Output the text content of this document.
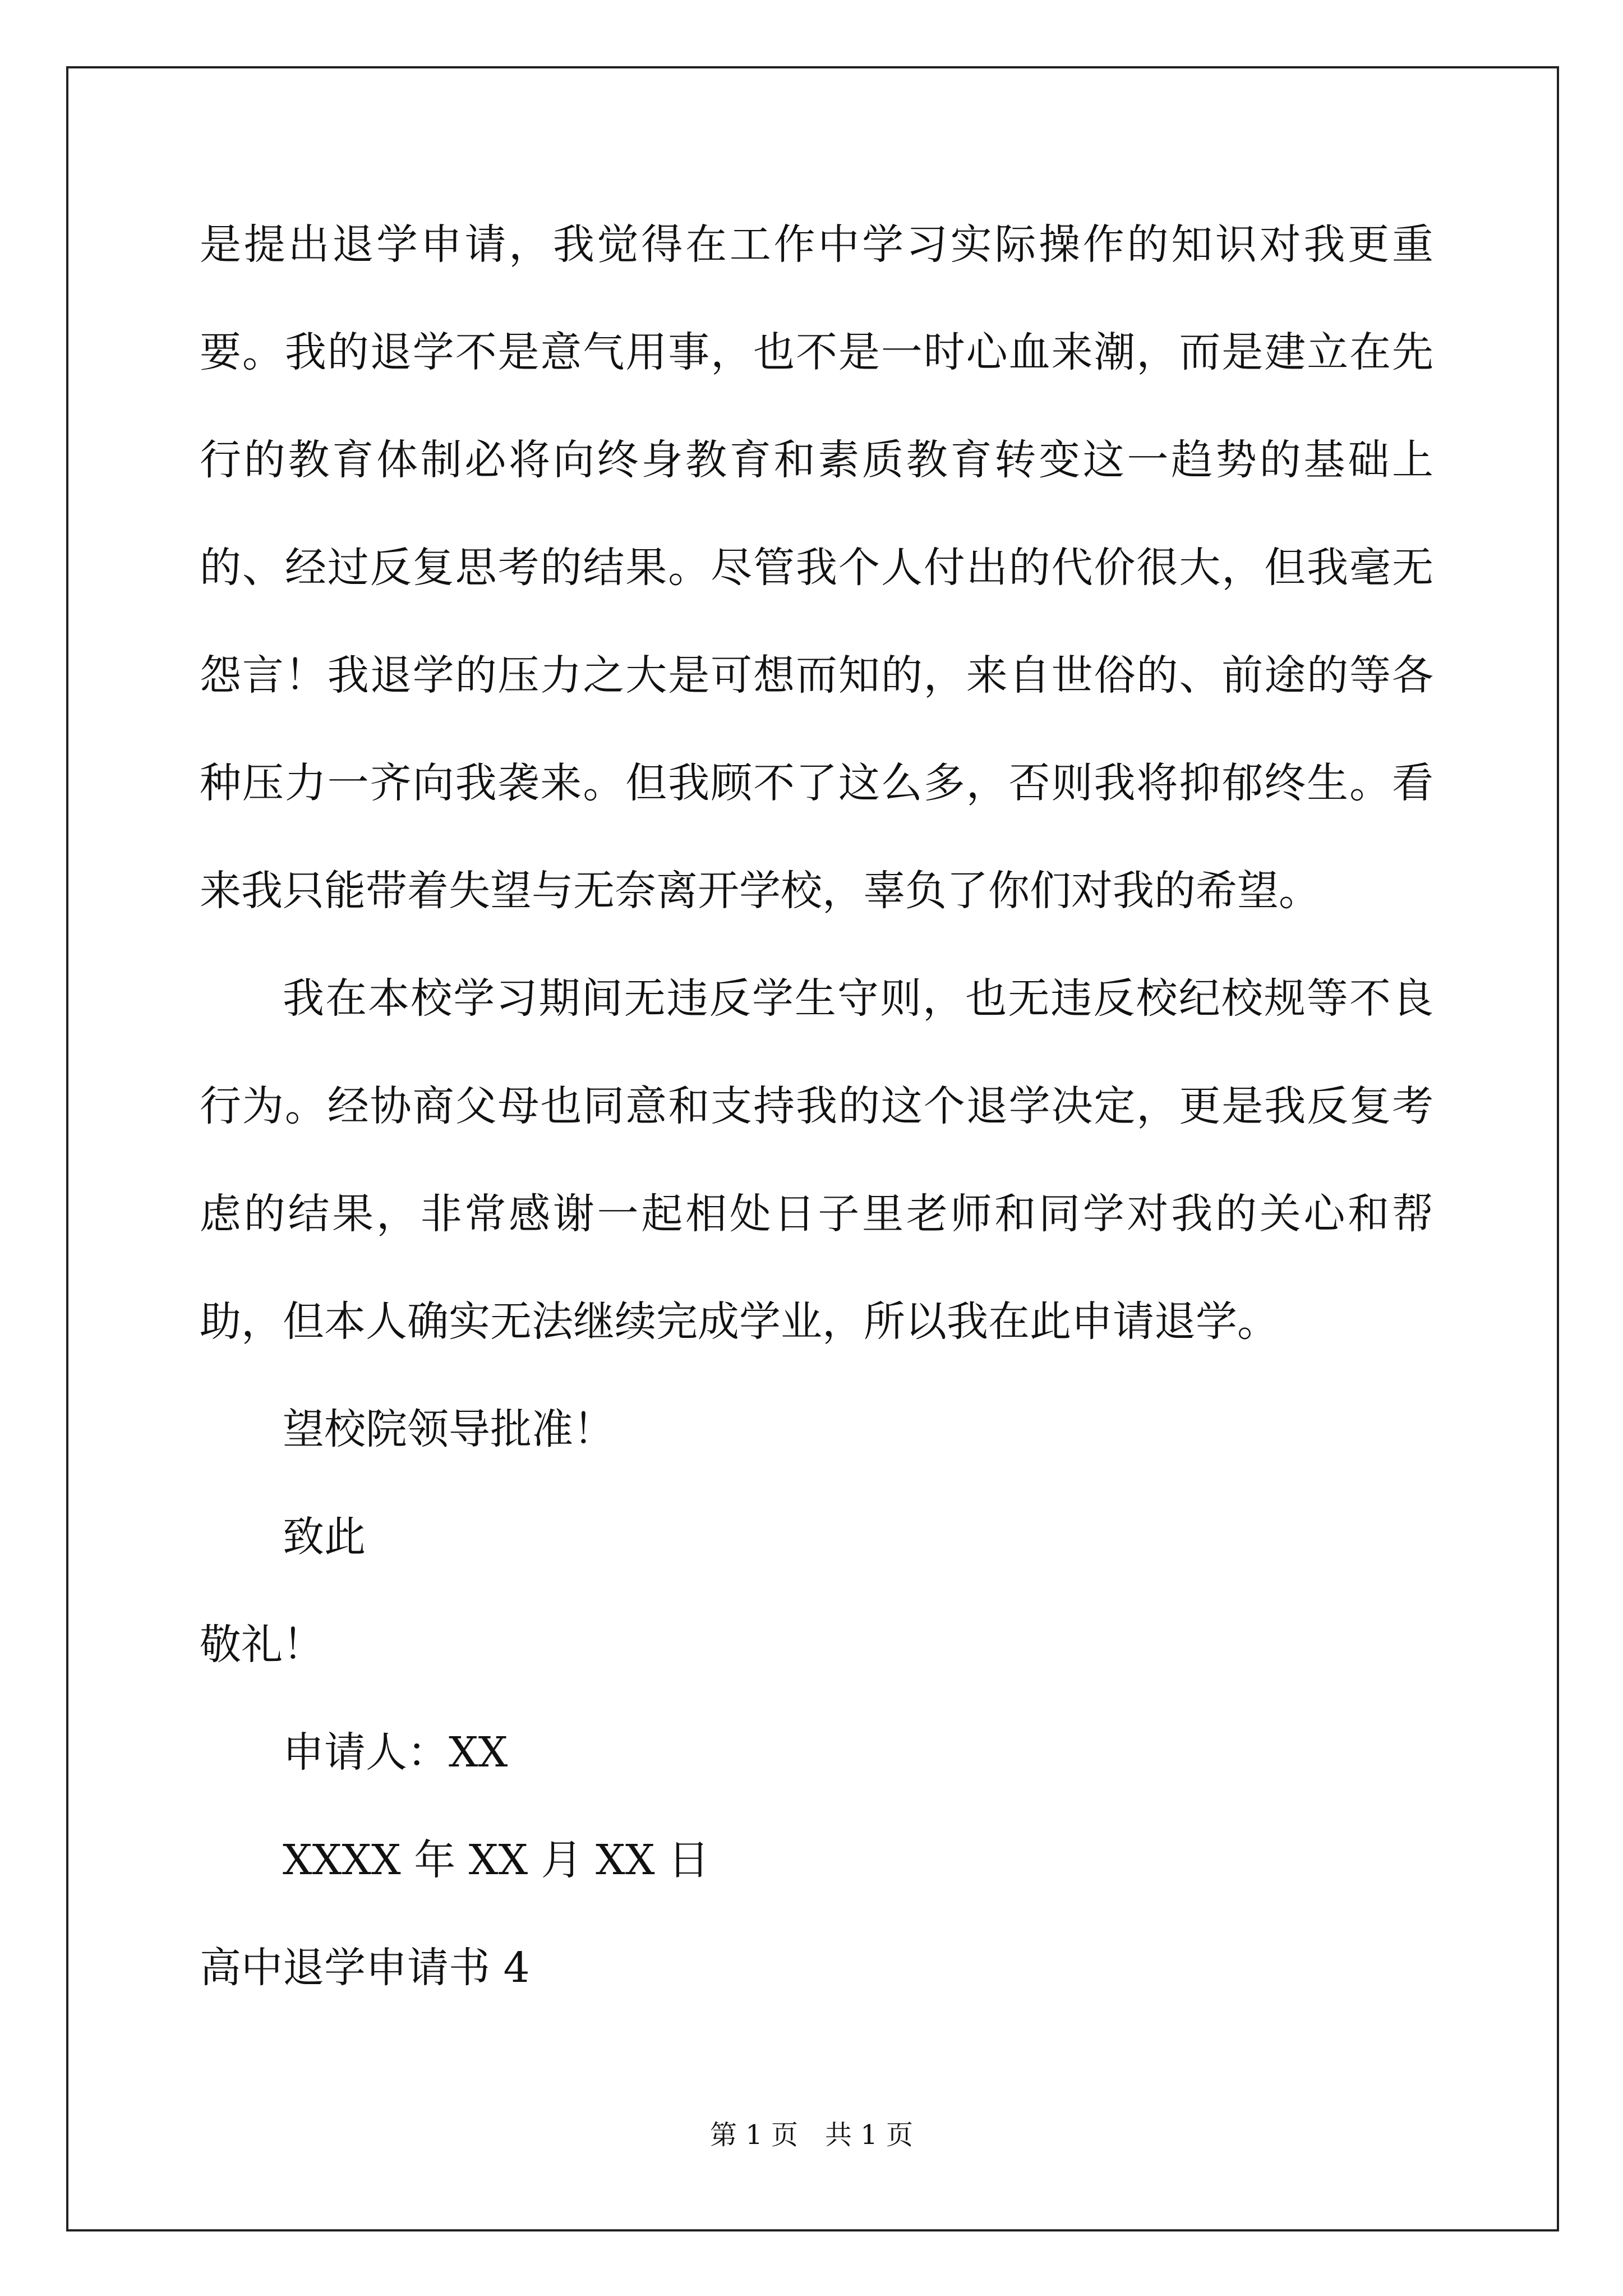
是提出退学申请，我觉得在工作中学习实际操作的知识对我更重要。我的退学不是意气用事，也不是一时心血来潮，而是建立在先行的教育体制必将向终身教育和素质教育转变这一趋势的基础上的、经过反复思考的结果。尽管我个人付出的代价很大，但我毫无怨言！我退学的压力之大是可想而知的，来自世俗的、前途的等各种压力一齐向我袭来。但我顾不了这么多，否则我将抑郁终生。看来我只能带着失望与无奈离开学校，辜负了你们对我的希望。

我在本校学习期间无违反学生守则，也无违反校纪校规等不良行为。经协商父母也同意和支持我的这个退学决定，更是我反复考虑的结果，非常感谢一起相处日子里老师和同学对我的关心和帮助，但本人确实无法继续完成学业，所以我在此申请退学。

望校院领导批准！

致此

敬礼！

申请人：XX

XXXX 年 XX 月 XX 日

高中退学申请书 4

第 1 页　共 1 页
